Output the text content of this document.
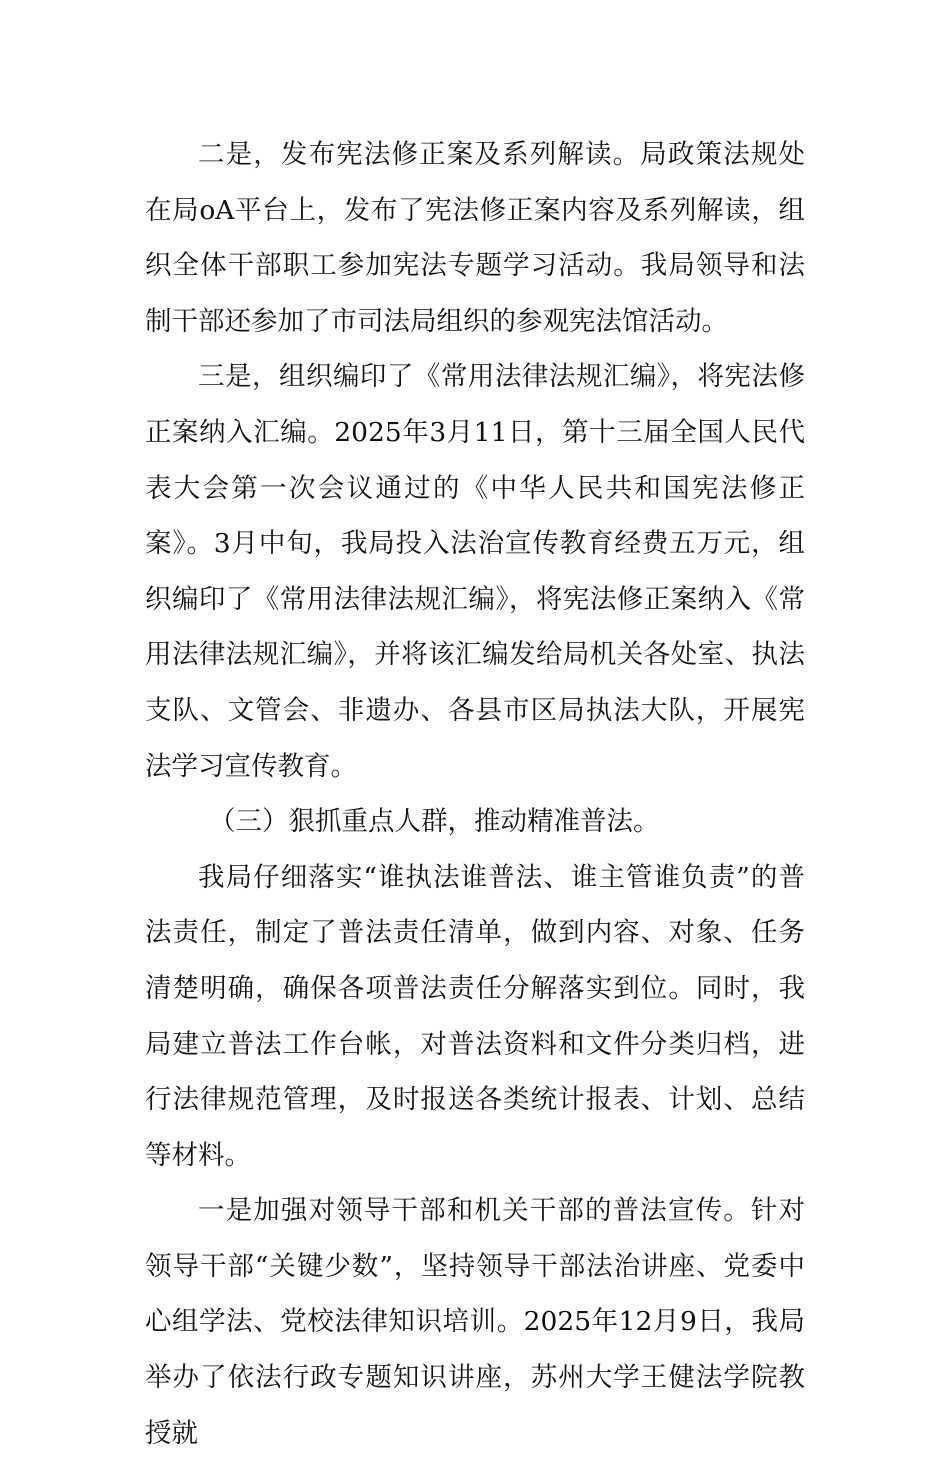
二是，发布宪法修正案及系列解读。局政策法规处在局oA平台上，发布了宪法修正案内容及系列解读，组织全体干部职工参加宪法专题学习活动。我局领导和法制干部还参加了市司法局组织的参观宪法馆活动。

三是，组织编印了《常用法律法规汇编》，将宪法修正案纳入汇编。2025年3月11日，第十三届全国人民代表大会第一次会议通过的《中华人民共和国宪法修正案》。3月中旬，我局投入法治宣传教育经费五万元，组织编印了《常用法律法规汇编》，将宪法修正案纳入《常用法律法规汇编》，并将该汇编发给局机关各处室、执法支队、文管会、非遗办、各县市区局执法大队，开展宪法学习宣传教育。

（三）狠抓重点人群，推动精准普法。

我局仔细落实“谁执法谁普法、谁主管谁负责”的普法责任，制定了普法责任清单，做到内容、对象、任务清楚明确，确保各项普法责任分解落实到位。同时，我局建立普法工作台帐，对普法资料和文件分类归档，进行法律规范管理，及时报送各类统计报表、计划、总结等材料。

一是加强对领导干部和机关干部的普法宣传。针对领导干部“关键少数”，坚持领导干部法治讲座、党委中心组学法、党校法律知识培训。2025年12月9日，我局举办了依法行政专题知识讲座，苏州大学王健法学院教授就
